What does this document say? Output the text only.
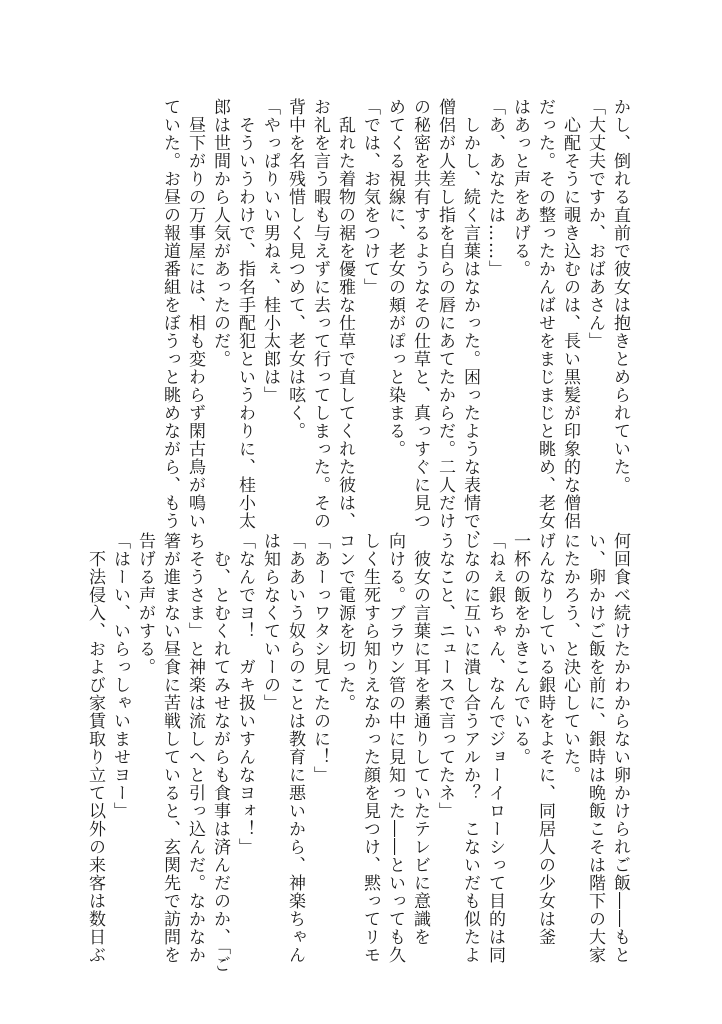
かし、倒れる直前で彼女は抱きとめられていた。
「大丈夫ですか、おばあさん」
　心配そうに覗き込むのは、長い黒髪が印象的な僧侶
だった。その整ったかんばせをまじまじと眺め、老女
はあっと声をあげる。
「あ、あなたは……」
　しかし、続く言葉はなかった。困ったような表情で、
僧侶が人差し指を自らの唇にあてたからだ。二人だけ
の秘密を共有するようなその仕草と、真っすぐに見つ
めてくる視線に、老女の頬がぽっと染まる。
「では、お気をつけて」
　乱れた着物の裾を優雅な仕草で直してくれた彼は、
お礼を言う暇も与えずに去って行ってしまった。その
背中を名残惜しく見つめて、老女は呟く。
「やっぱりいい男ねぇ、桂小太郎は」
　そういうわけで、指名手配犯というわりに、桂小太
郎は世間から人気があったのだ。
　昼下がりの万事屋には、相も変わらず閑古鳥が鳴い
ていた。お昼の報道番組をぼうっと眺めながら、もう
何回食べ続けたかわからない卵かけられご飯――もと
い、卵かけご飯を前に、銀時は晩飯こそは階下の大家
にたかろう、と決心していた。
げんなりしている銀時をよそに、同居人の少女は釜
一杯の飯をかきこんでいる。
「ねぇ銀ちゃん、なんでジョーイローシって目的は同
じなのに互いに潰し合うアルか？　こないだも似たよ
うなこと、ニュースで言ってたネ」
　彼女の言葉に耳を素通りしていたテレビに意識を
向ける。ブラウン管の中に見知った――といっても久
しく生死すら知りえなかった顔を見つけ、黙ってリモ
コンで電源を切った。
「あーっワタシ見てたのに！」
「ああいう奴らのことは教育に悪いから、神楽ちゃん
は知らなくていーの」
「なんでヨ！　ガキ扱いすんなヨォ！」
　む、とむくれてみせながらも食事は済んだのか、「ご
ちそうさま」と神楽は流しへと引っ込んだ。なかなか
箸が進まない昼食に苦戦していると、玄関先で訪問を
告げる声がする。
「はーい、いらっしゃいませヨー」
　不法侵入、および家賃取り立て以外の来客は数日ぶ
